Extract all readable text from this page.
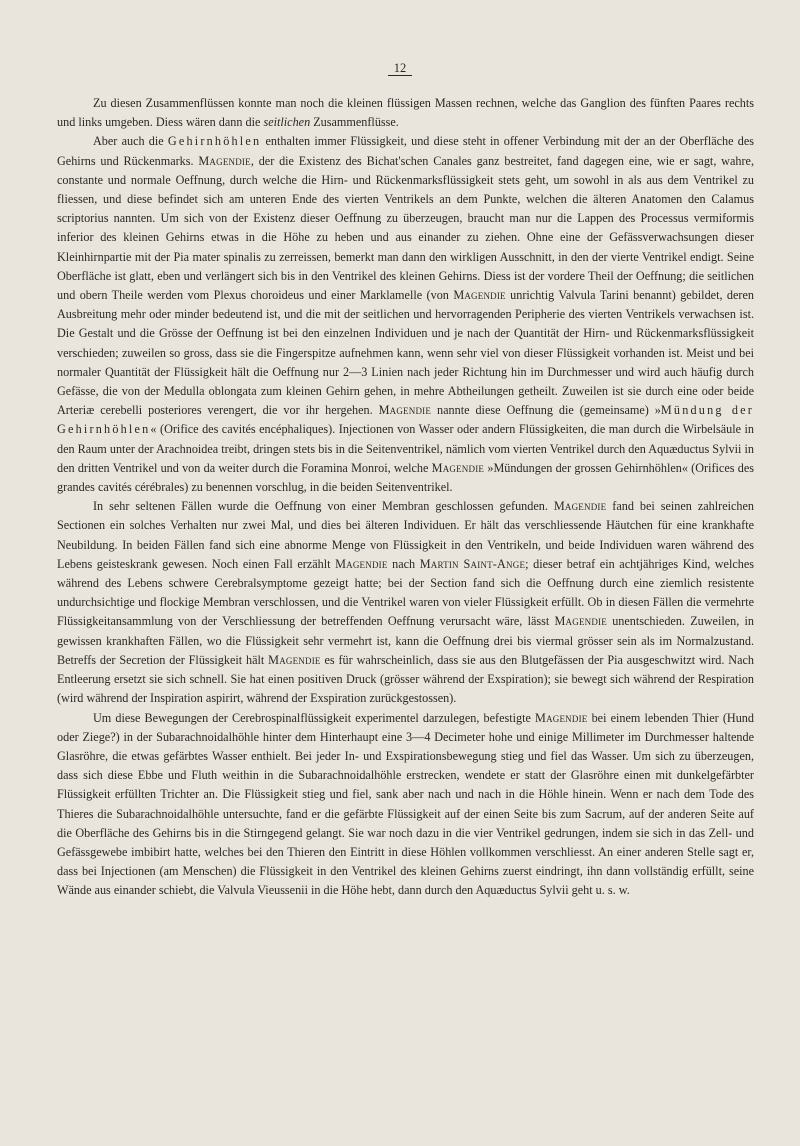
12

Zu diesen Zusammenflüssen konnte man noch die kleinen flüssigen Massen rechnen, welche das Ganglion des fünften Paares rechts und links umgeben. Diess wären dann die seitlichen Zusammenflüsse.

Aber auch die Gehirnhöhlen enthalten immer Flüssigkeit, und diese steht in offener Verbindung mit der an der Oberfläche des Gehirns und Rückenmarks. Magendie, der die Existenz des Bichat'schen Canales ganz bestreitet, fand dagegen eine, wie er sagt, wahre, constante und normale Oeffnung, durch welche die Hirn- und Rückenmarksflüssigkeit stets geht, um sowohl in als aus dem Ventrikel zu fliessen, und diese befindet sich am unteren Ende des vierten Ventrikels an dem Punkte, welchen die älteren Anatomen den Calamus scriptorius nannten. Um sich von der Existenz dieser Oeffnung zu überzeugen, braucht man nur die Lappen des Processus vermiformis inferior des kleinen Gehirns etwas in die Höhe zu heben und aus einander zu ziehen. Ohne eine der Gefässverwachsungen dieser Kleinhirnpartie mit der Pia mater spinalis zu zerreissen, bemerkt man dann den wirkligen Ausschnitt, in den der vierte Ventrikel endigt. Seine Oberfläche ist glatt, eben und verlängert sich bis in den Ventrikel des kleinen Gehirns. Diess ist der vordere Theil der Oeffnung; die seitlichen und obern Theile werden vom Plexus choroideus und einer Marklamelle (von Magendie unrichtig Valvula Tarini benannt) gebildet, deren Ausbreitung mehr oder minder bedeutend ist, und die mit der seitlichen und hervorragenden Peripherie des vierten Ventrikels verwachsen ist. Die Gestalt und die Grösse der Oeffnung ist bei den einzelnen Individuen und je nach der Quantität der Hirn- und Rückenmarksflüssigkeit verschieden; zuweilen so gross, dass sie die Fingerspitze aufnehmen kann, wenn sehr viel von dieser Flüssigkeit vorhanden ist. Meist und bei normaler Quantität der Flüssigkeit hält die Oeffnung nur 2—3 Linien nach jeder Richtung hin im Durchmesser und wird auch häufig durch Gefässe, die von der Medulla oblongata zum kleinen Gehirn gehen, in mehre Abtheilungen getheilt. Zuweilen ist sie durch eine oder beide Arteriæ cerebelli posteriores verengert, die vor ihr hergehen. Magendie nannte diese Oeffnung die (gemeinsame) »Mündung der Gehirnhöhlen« (Orifice des cavités encéphaliques). Injectionen von Wasser oder andern Flüssigkeiten, die man durch die Wirbelsäule in den Raum unter der Arachnoidea treibt, dringen stets bis in die Seitenventrikel, nämlich vom vierten Ventrikel durch den Aquæductus Sylvii in den dritten Ventrikel und von da weiter durch die Foramina Monroi, welche Magendie »Mündungen der grossen Gehirnhöhlen« (Orifices des grandes cavités cérébrales) zu benennen vorschlug, in die beiden Seitenventrikel.

In sehr seltenen Fällen wurde die Oeffnung von einer Membran geschlossen gefunden. Magendie fand bei seinen zahlreichen Sectionen ein solches Verhalten nur zwei Mal, und dies bei älteren Individuen. Er hält das verschliessende Häutchen für eine krankhafte Neubildung. In beiden Fällen fand sich eine abnorme Menge von Flüssigkeit in den Ventrikeln, und beide Individuen waren während des Lebens geisteskrank gewesen. Noch einen Fall erzählt Magendie nach Martin Saint-Ange; dieser betraf ein achtjähriges Kind, welches während des Lebens schwere Cerebralsymptome gezeigt hatte; bei der Section fand sich die Oeffnung durch eine ziemlich resistente undurchsichtige und flockige Membran verschlossen, und die Ventrikel waren von vieler Flüssigkeit erfüllt. Ob in diesen Fällen die vermehrte Flüssigkeitansammlung von der Verschliessung der betreffenden Oeffnung verursacht wäre, lässt Magendie unentschieden. Zuweilen, in gewissen krankhaften Fällen, wo die Flüssigkeit sehr vermehrt ist, kann die Oeffnung drei bis viermal grösser sein als im Normalzustand. Betreffs der Secretion der Flüssigkeit hält Magendie es für wahrscheinlich, dass sie aus den Blutgefässen der Pia ausgeschwitzt wird. Nach Entleerung ersetzt sie sich schnell. Sie hat einen positiven Druck (grösser während der Exspiration); sie bewegt sich während der Respiration (wird während der Inspiration aspirirt, während der Exspiration zurückgestossen).

Um diese Bewegungen der Cerebrospinalflüssigkeit experimentel darzulegen, befestigte Magendie bei einem lebenden Thier (Hund oder Ziege?) in der Subarachnoidalhöhle hinter dem Hinterhaupt eine 3—4 Decimeter hohe und einige Millimeter im Durchmesser haltende Glasröhre, die etwas gefärbtes Wasser enthielt. Bei jeder In- und Exspirationsbewegung stieg und fiel das Wasser. Um sich zu überzeugen, dass sich diese Ebbe und Fluth weithin in die Subarachnoidalhöhle erstrecken, wendete er statt der Glasröhre einen mit dunkelgefärbter Flüssigkeit erfüllten Trichter an. Die Flüssigkeit stieg und fiel, sank aber nach und nach in die Höhle hinein. Wenn er nach dem Tode des Thieres die Subarachnoidalhöhle untersuchte, fand er die gefärbte Flüssigkeit auf der einen Seite bis zum Sacrum, auf der anderen Seite auf die Oberfläche des Gehirns bis in die Stirngegend gelangt. Sie war noch dazu in die vier Ventrikel gedrungen, indem sie sich in das Zell- und Gefässgewebe imbibirt hatte, welches bei den Thieren den Eintritt in diese Höhlen vollkommen verschliesst. An einer anderen Stelle sagt er, dass bei Injectionen (am Menschen) die Flüssigkeit in den Ventrikel des kleinen Gehirns zuerst eindringt, ihn dann vollständig erfüllt, seine Wände aus einander schiebt, die Valvula Vieussenii in die Höhe hebt, dann durch den Aquæductus Sylvii geht u. s. w.
